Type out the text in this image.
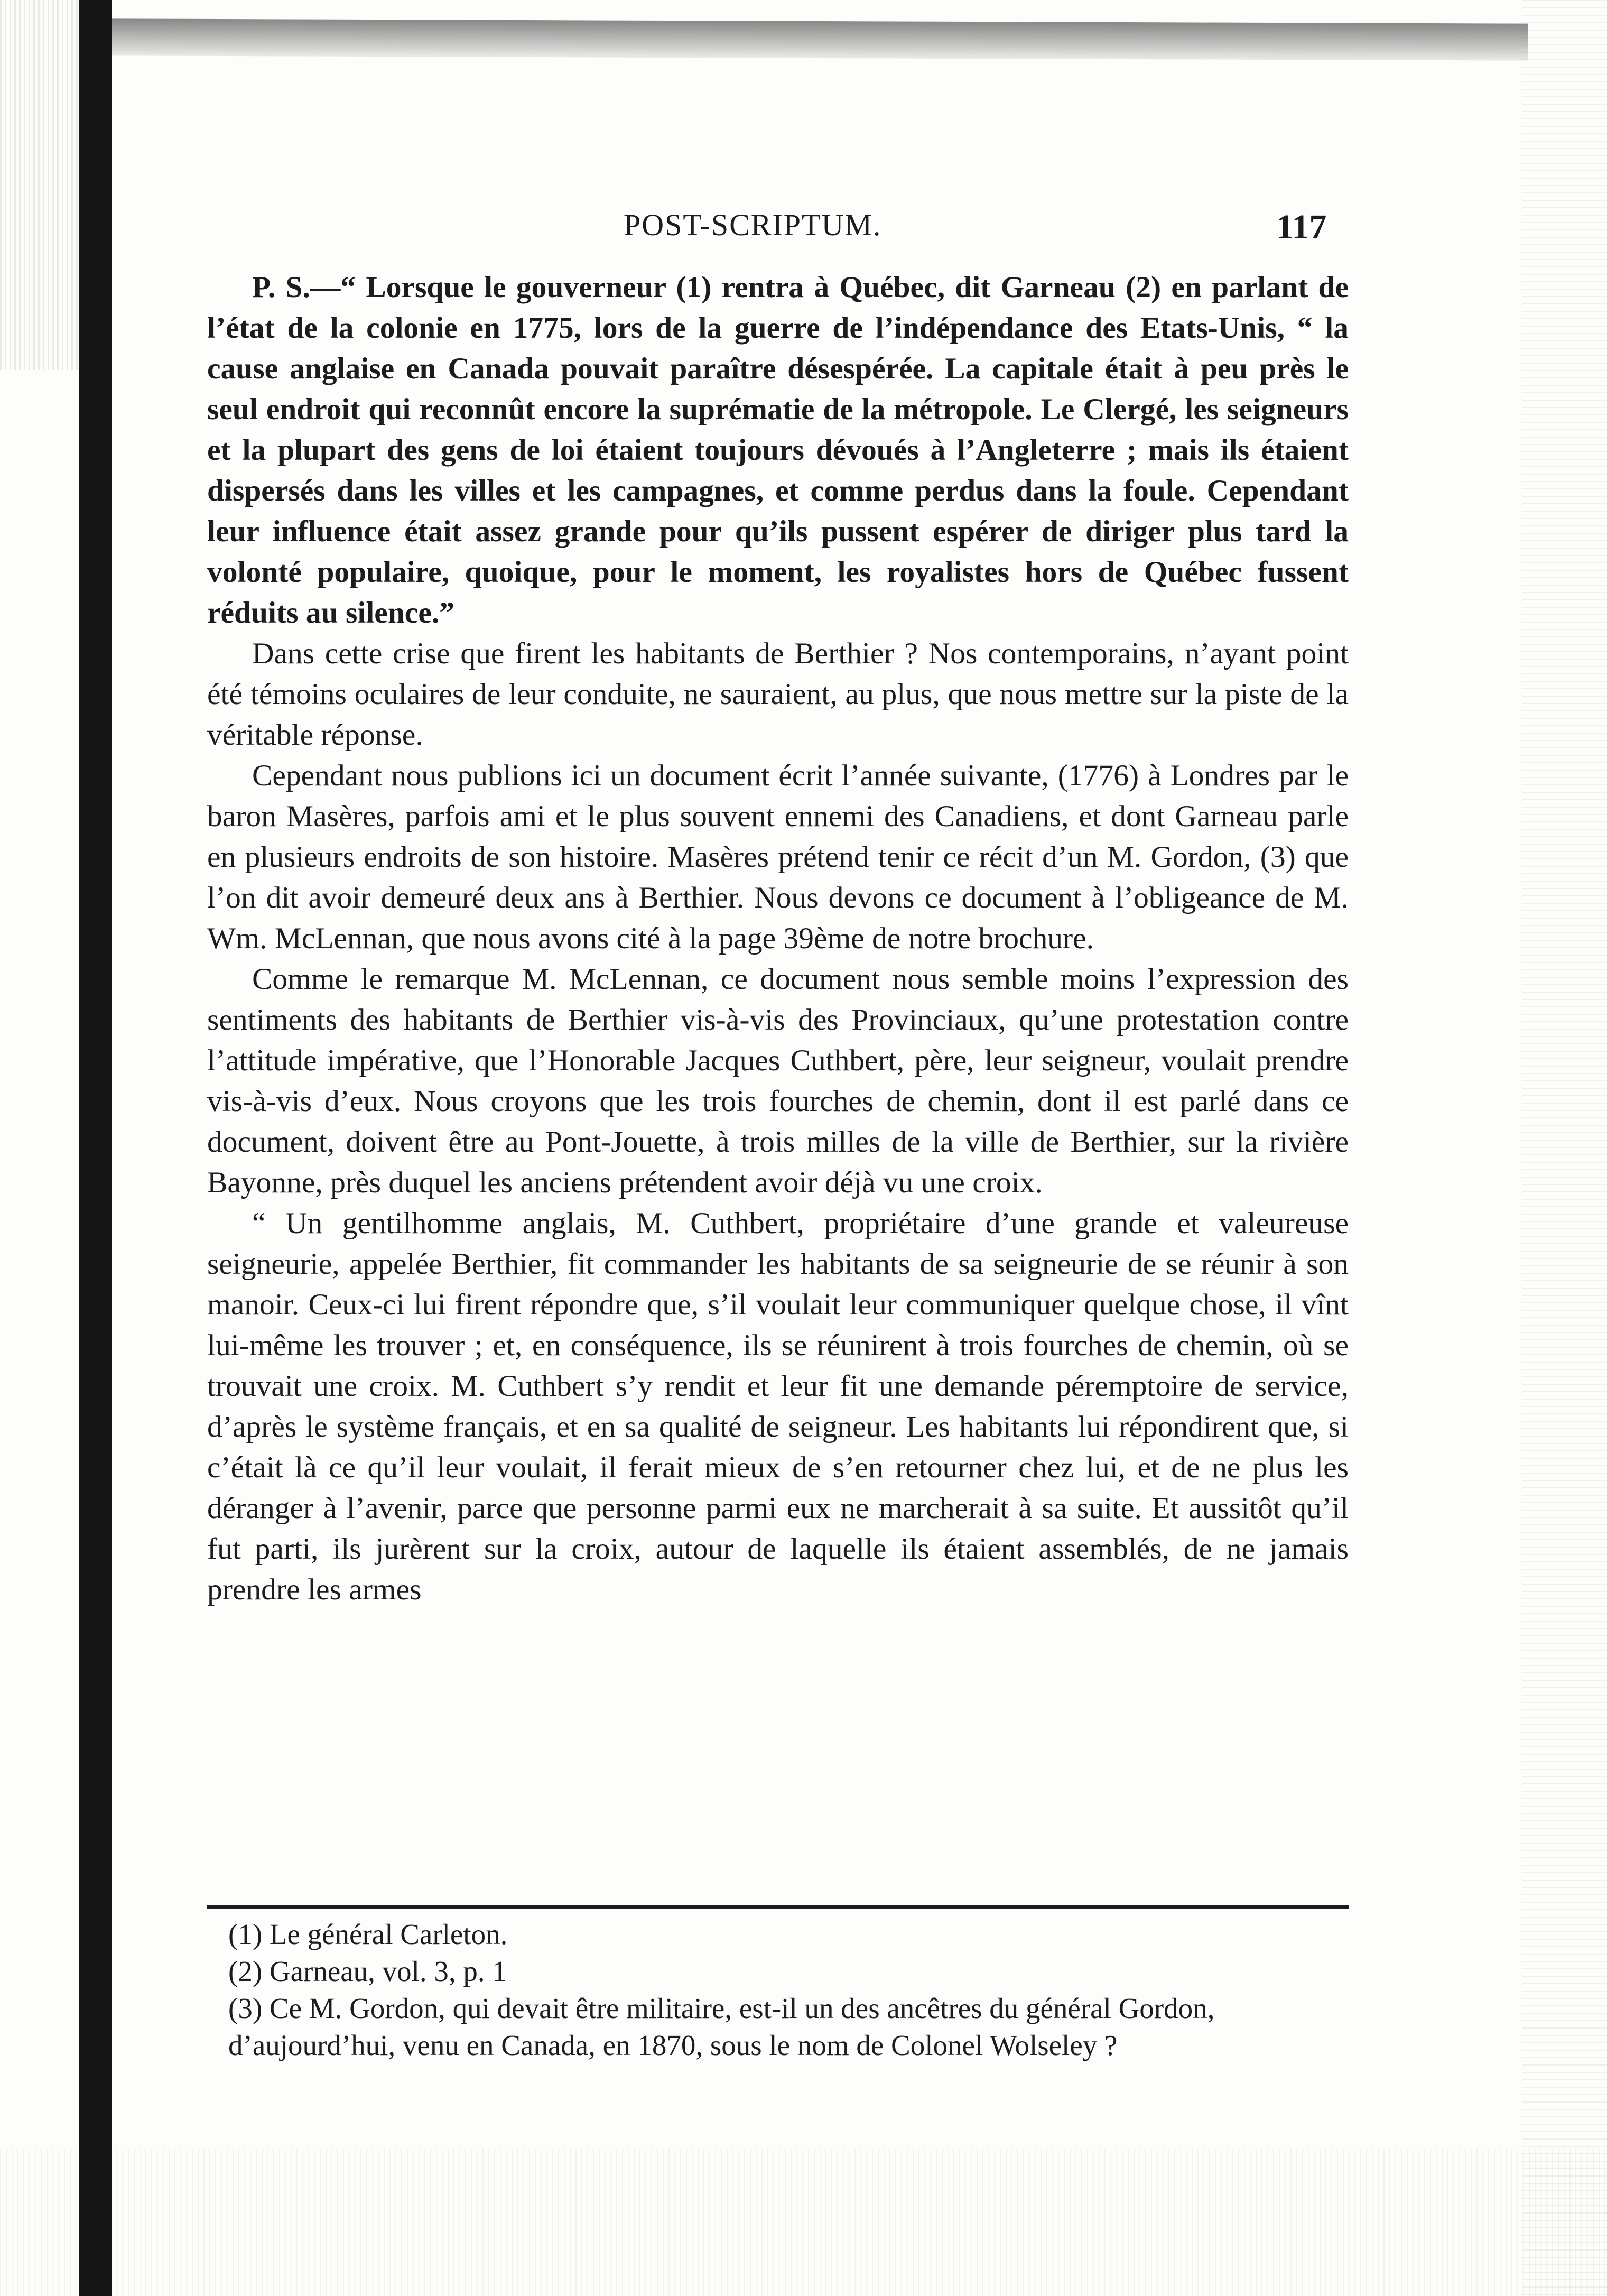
POST-SCRIPTUM.	117

P. S.—“ Lorsque le gouverneur (1) rentra à Québec, dit Garneau (2) en parlant de l’état de la colonie en 1775, lors de la guerre de l’indépendance des Etats-Unis, “ la cause anglaise en Canada pouvait paraître désespérée. La capitale était à peu près le seul endroit qui reconnût encore la suprématie de la métropole. Le Clergé, les seigneurs et la plupart des gens de loi étaient toujours dévoués à l’Angleterre ; mais ils étaient dispersés dans les villes et les campagnes, et comme perdus dans la foule. Cependant leur influence était assez grande pour qu’ils pussent espérer de diriger plus tard la volonté populaire, quoique, pour le moment, les royalistes hors de Québec fussent réduits au silence.”

Dans cette crise que firent les habitants de Berthier ? Nos contemporains, n’ayant point été témoins oculaires de leur conduite, ne sauraient, au plus, que nous mettre sur la piste de la véritable réponse.

Cependant nous publions ici un document écrit l’année suivante, (1776) à Londres par le baron Masères, parfois ami et le plus souvent ennemi des Canadiens, et dont Garneau parle en plusieurs endroits de son histoire. Masères prétend tenir ce récit d’un M. Gordon, (3) que l’on dit avoir demeuré deux ans à Berthier. Nous devons ce document à l’obligeance de M. Wm. McLennan, que nous avons cité à la page 39ème de notre brochure.

Comme le remarque M. McLennan, ce document nous semble moins l’expression des sentiments des habitants de Berthier vis-à-vis des Provinciaux, qu’une protestation contre l’attitude impérative, que l’Honorable Jacques Cuthbert, père, leur seigneur, voulait prendre vis-à-vis d’eux. Nous croyons que les trois fourches de chemin, dont il est parlé dans ce document, doivent être au Pont-Jouette, à trois milles de la ville de Berthier, sur la rivière Bayonne, près duquel les anciens prétendent avoir déjà vu une croix.

“ Un gentilhomme anglais, M. Cuthbert, propriétaire d’une grande et valeureuse seigneurie, appelée Berthier, fit commander les habitants de sa seigneurie de se réunir à son manoir. Ceux-ci lui firent répondre que, s’il voulait leur communiquer quelque chose, il vînt lui-même les trouver ; et, en conséquence, ils se réunirent à trois fourches de chemin, où se trouvait une croix. M. Cuthbert s’y rendit et leur fit une demande péremptoire de service, d’après le système français, et en sa qualité de seigneur. Les habitants lui répondirent que, si c’était là ce qu’il leur voulait, il ferait mieux de s’en retourner chez lui, et de ne plus les déranger à l’avenir, parce que personne parmi eux ne marcherait à sa suite. Et aussitôt qu’il fut parti, ils jurèrent sur la croix, autour de laquelle ils étaient assemblés, de ne jamais prendre les armes

(1) Le général Carleton.

(2) Garneau, vol. 3, p. 1

(3) Ce M. Gordon, qui devait être militaire, est-il un des ancêtres du général Gordon, d’aujourd’hui, venu en Canada, en 1870, sous le nom de Colonel Wolseley ?
